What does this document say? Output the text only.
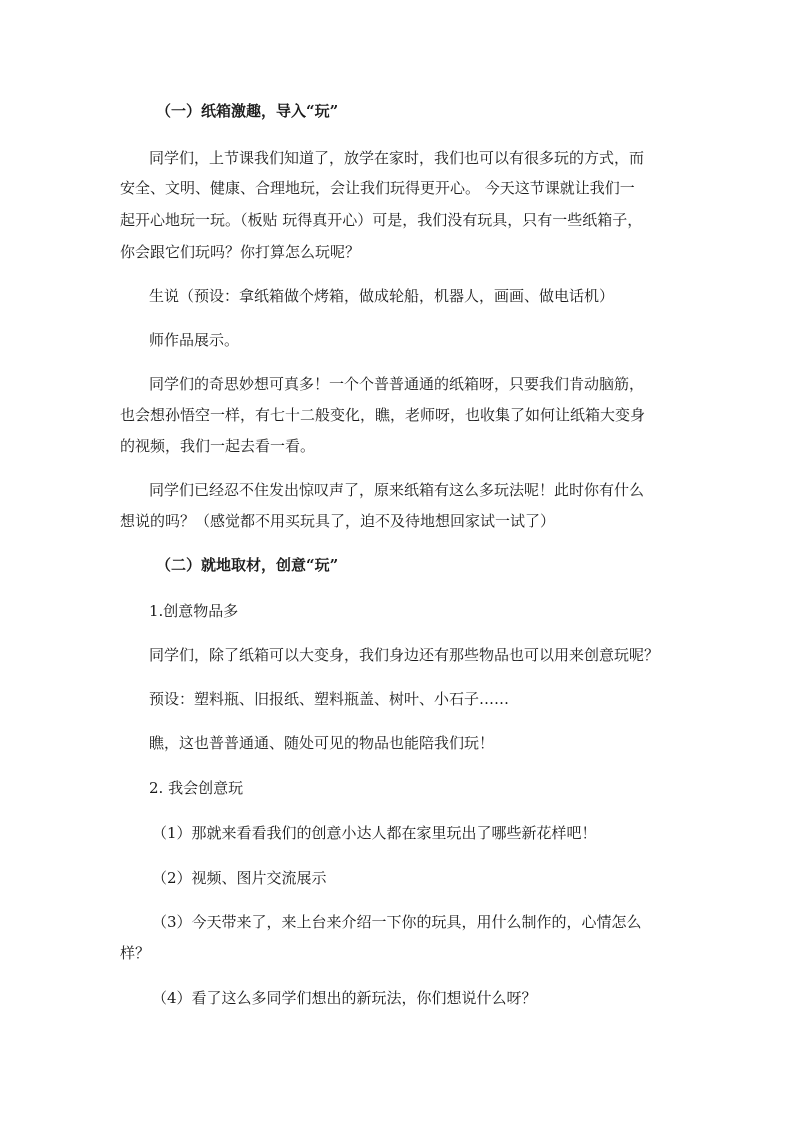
（一）纸箱激趣，导入“玩”
同学们，上节课我们知道了，放学在家时，我们也可以有很多玩的方式，而
安全、文明、健康、合理地玩，会让我们玩得更开心。 今天这节课就让我们一
起开心地玩一玩。（板贴 玩得真开心）可是，我们没有玩具，只有一些纸箱子，
你会跟它们玩吗？你打算怎么玩呢？
生说（预设：拿纸箱做个烤箱，做成轮船，机器人，画画、做电话机）
师作品展示。
同学们的奇思妙想可真多！一个个普普通通的纸箱呀，只要我们肯动脑筋，
也会想孙悟空一样，有七十二般变化，瞧，老师呀，也收集了如何让纸箱大变身
的视频，我们一起去看一看。
同学们已经忍不住发出惊叹声了，原来纸箱有这么多玩法呢！此时你有什么
想说的吗？（感觉都不用买玩具了，迫不及待地想回家试一试了）
（二）就地取材，创意“玩”
1.创意物品多
同学们，除了纸箱可以大变身，我们身边还有那些物品也可以用来创意玩呢？
预设：塑料瓶、旧报纸、塑料瓶盖、树叶、小石子……
瞧，这也普普通通、随处可见的物品也能陪我们玩！
2. 我会创意玩
（1）那就来看看我们的创意小达人都在家里玩出了哪些新花样吧！
（2）视频、图片交流展示
（3）今天带来了，来上台来介绍一下你的玩具，用什么制作的，心情怎么
样？
（4）看了这么多同学们想出的新玩法，你们想说什么呀？
